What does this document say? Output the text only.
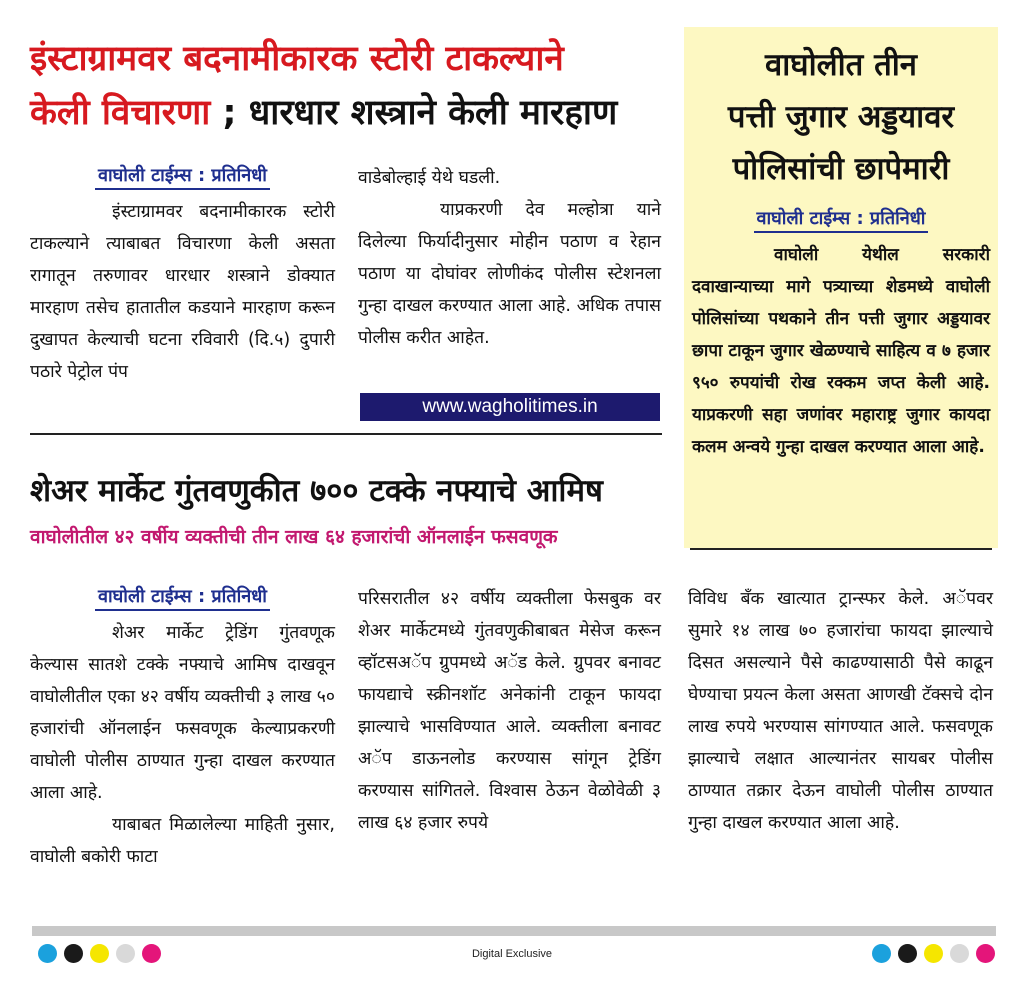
इंस्टाग्रामवर बदनामीकारक स्टोरी टाकल्याने
केली विचारणा ; धारधार शस्त्राने केली मारहाण
वाघोली टाईम्स : प्रतिनिधी

इंस्टाग्रामवर बदनामीकारक स्टोरी टाकल्याने त्याबाबत विचारणा केली असता रागातून तरुणावर धारधार शस्त्राने डोक्यात मारहाण तसेच हातातील कडयाने मारहाण करून दुखापत केल्याची घटना रविवारी (दि.५) दुपारी पठारे पेट्रोल पंप

वाडेबोल्हाई येथे घडली.

याप्रकरणी देव मल्होत्रा याने दिलेल्या फिर्यादीनुसार मोहीन पठाण व रेहान पठाण या दोघांवर लोणीकंद पोलीस स्टेशनला गुन्हा दाखल करण्यात आला आहे. अधिक तपास पोलीस करीत आहेत.

www.wagholitimes.in
वाघोलीत तीन
पत्ती जुगार अड्डयावर
पोलिसांची छापेमारी
वाघोली टाईम्स : प्रतिनिधी

वाघोली येथील सरकारी दवाखान्याच्या मागे पत्र्याच्या शेडमध्ये वाघोली पोलिसांच्या पथकाने तीन पत्ती जुगार अड्डयावर छापा टाकून जुगार खेळण्याचे साहित्य व ७ हजार ९५० रुपयांची रोख रक्कम जप्त केली आहे. याप्रकरणी सहा जणांवर महाराष्ट्र जुगार कायदा कलम अन्वये गुन्हा दाखल करण्यात आला आहे.

शेअर मार्केट गुंतवणुकीत ७०० टक्के नफ्याचे आमिष
वाघोलीतील ४२ वर्षीय व्यक्तीची तीन लाख ६४ हजारांची ऑनलाईन फसवणूक
वाघोली टाईम्स : प्रतिनिधी

शेअर मार्केट ट्रेडिंग गुंतवणूक केल्यास सातशे टक्के नफ्याचे आमिष दाखवून वाघोलीतील एका ४२ वर्षीय व्यक्तीची ३ लाख ५० हजारांची ऑनलाईन फसवणूक केल्याप्रकरणी वाघोली पोलीस ठाण्यात गुन्हा दाखल करण्यात आला आहे.

याबाबत मिळालेल्या माहिती नुसार, वाघोली बकोरी फाटा

परिसरातील ४२ वर्षीय व्यक्तीला फेसबुक वर शेअर मार्केटमध्ये गुंतवणुकीबाबत मेसेज करून व्हॉटसअॅप ग्रुपमध्ये अॅड केले. ग्रुपवर बनावट फायद्याचे स्क्रीनशॉट अनेकांनी टाकून फायदा झाल्याचे भासविण्यात आले. व्यक्तीला बनावट अॅप डाऊनलोड करण्यास सांगून ट्रेडिंग करण्यास सांगितले. विश्वास ठेऊन वेळोवेळी ३ लाख ६४ हजार रुपये

विविध बँक खात्यात ट्रान्स्फर केले. अॅपवर सुमारे १४ लाख ७० हजारांचा फायदा झाल्याचे दिसत असल्याने पैसे काढण्यासाठी पैसे काढून घेण्याचा प्रयत्न केला असता आणखी टॅक्सचे दोन लाख रुपये भरण्यास सांगण्यात आले. फसवणूक झाल्याचे लक्षात आल्यानंतर सायबर पोलीस ठाण्यात तक्रार देऊन वाघोली पोलीस ठाण्यात गुन्हा दाखल करण्यात आला आहे.

Digital Exclusive
